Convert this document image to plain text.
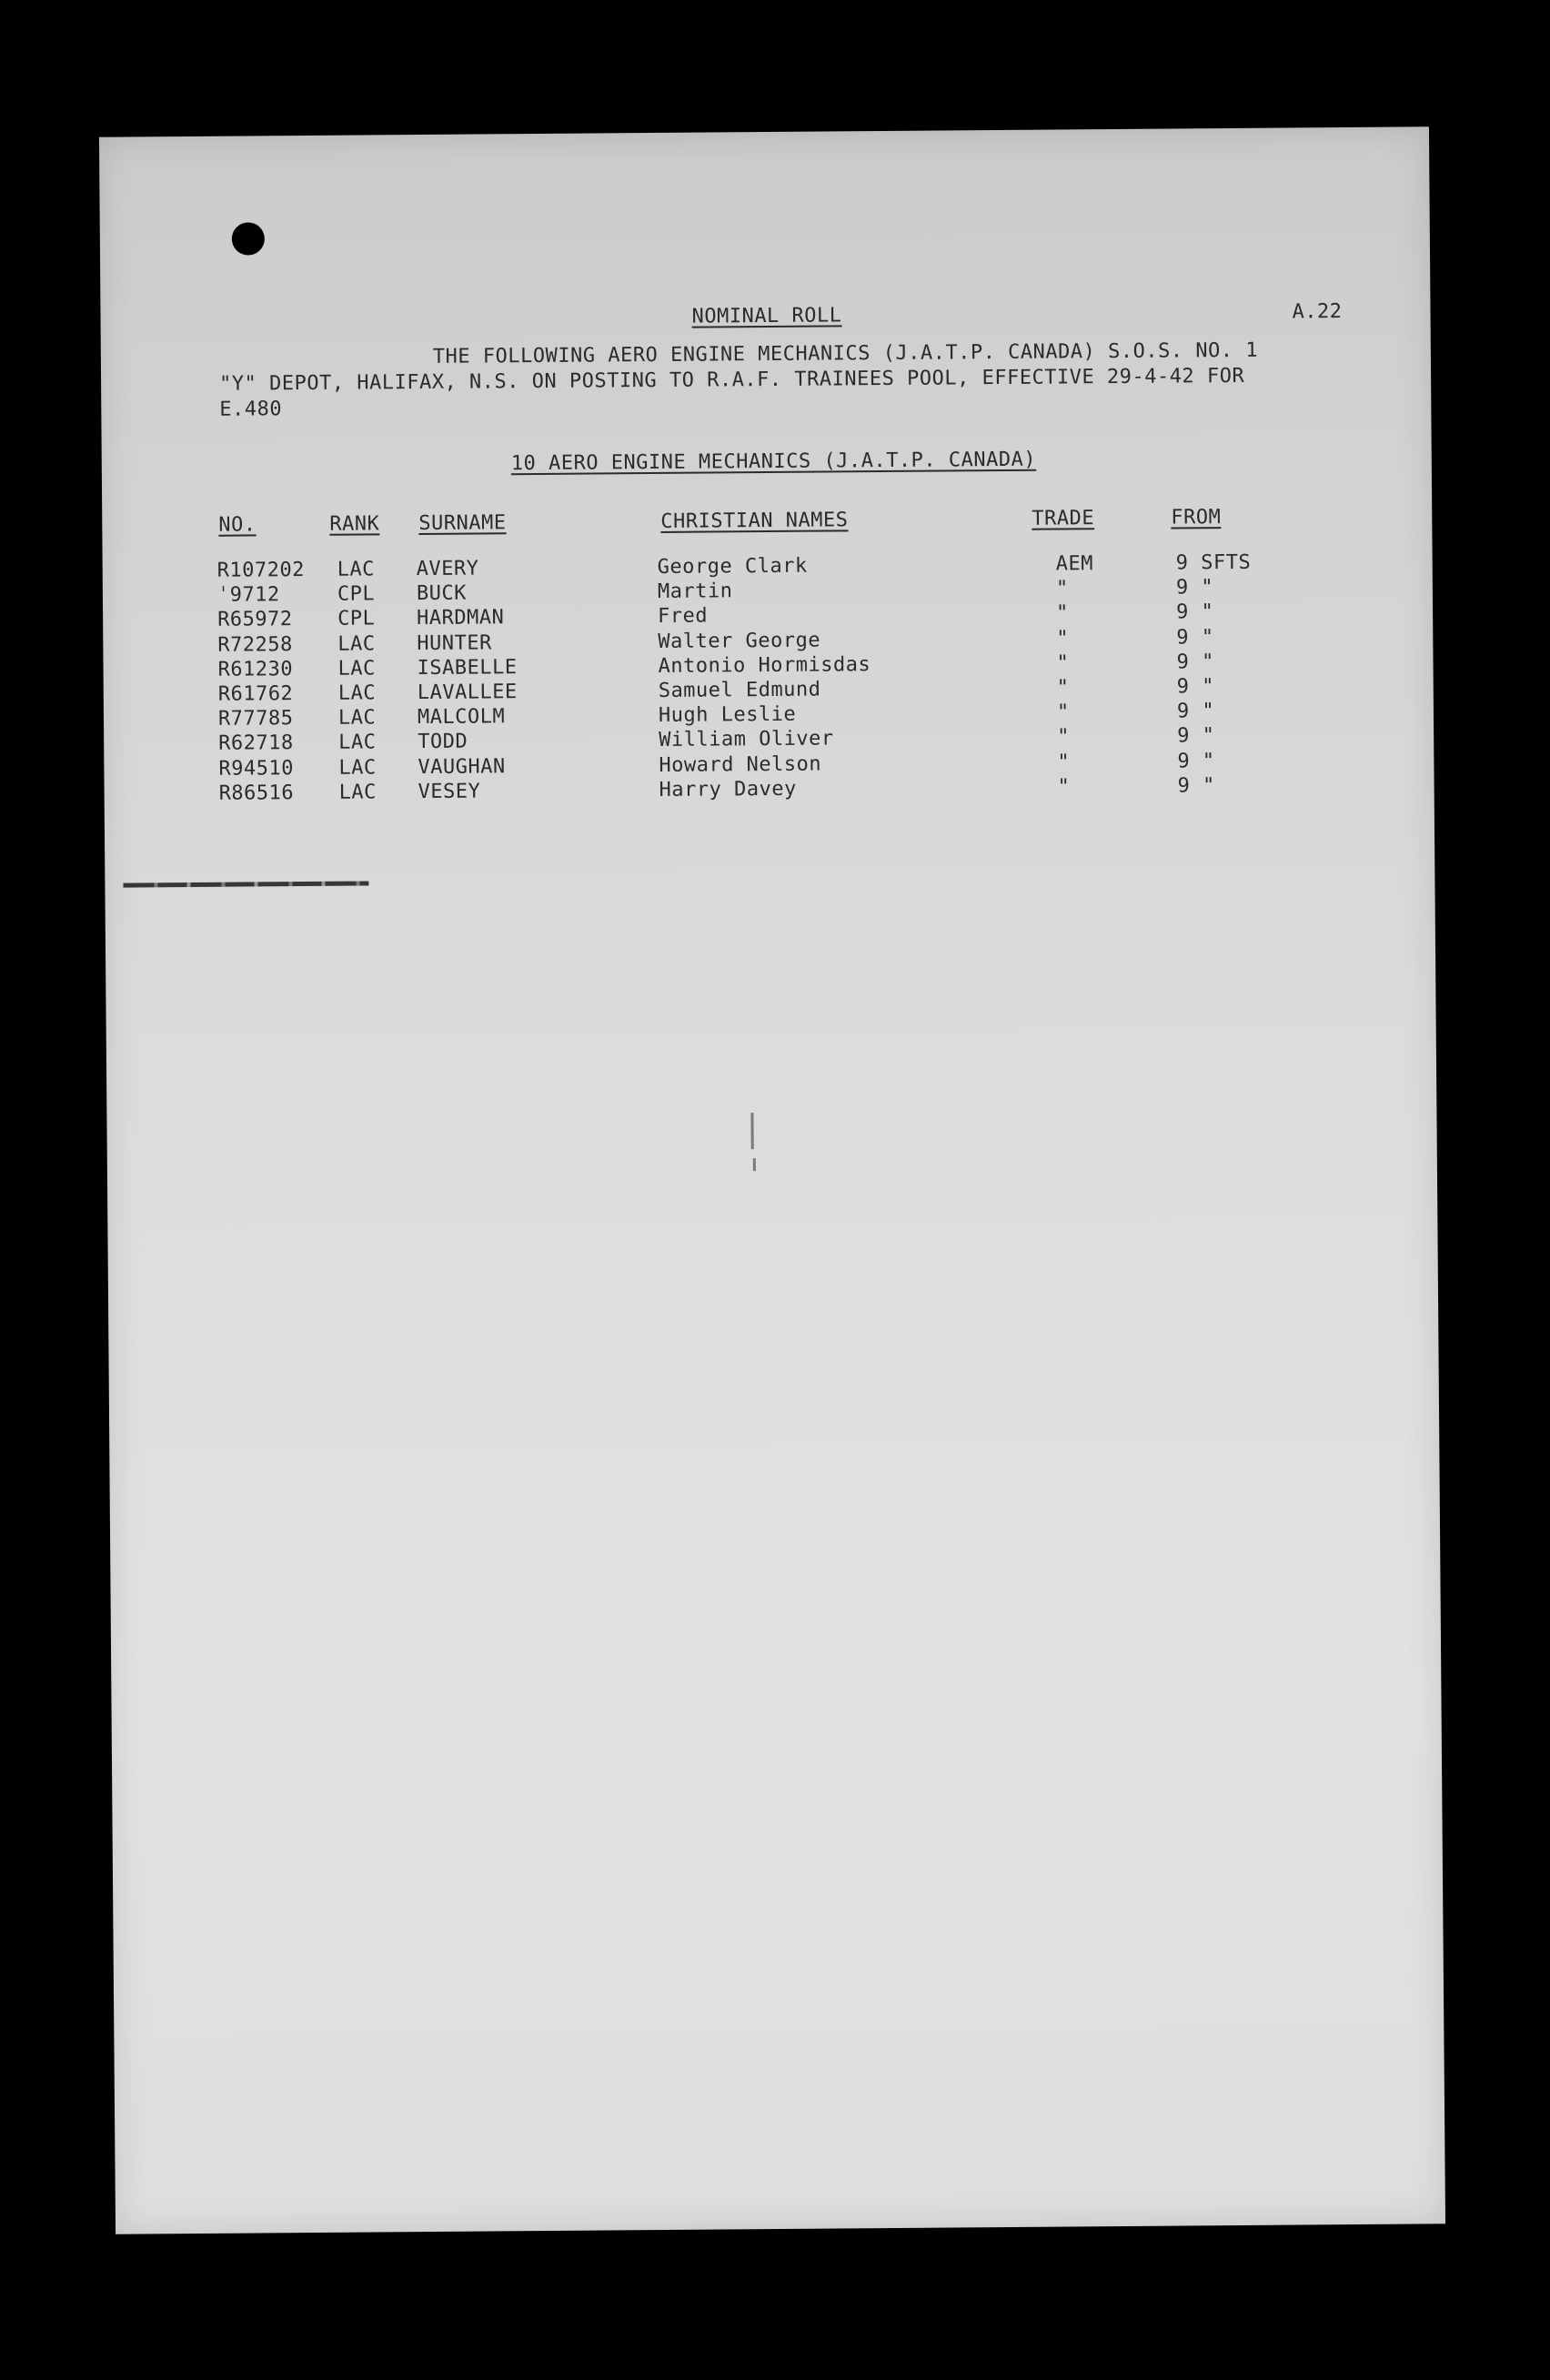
NOMINAL ROLL	A.22
THE FOLLOWING AERO ENGINE MECHANICS (J.A.T.P. CANADA) S.O.S. NO. 1
"Y" DEPOT, HALIFAX, N.S. ON POSTING TO R.A.F. TRAINEES POOL, EFFECTIVE 29-4-42 FOR
E.480
10 AERO ENGINE MECHANICS (J.A.T.P. CANADA)
NO.	RANK SURNAME	CHRISTIAN NAMES	TRADE	FROM
R107202 LAC AVERY	George Clark	AEM	9 SFTS
ˈ9712	CPL BUCK	Martin	"	9 "
R65972 CPL HARDMAN	Fred	"	9 "
R72258 LAC HUNTER	Walter George	"	9 "
R61230 LAC ISABELLE	Antonio Hormisdas	"	9 "
R61762 LAC LAVALLEE	Samuel Edmund	"	9 "
R77785 LAC MALCOLM	Hugh Leslie	"	9 "
R62718 LAC TODD	William Oliver	"	9 "
R94510 LAC VAUGHAN	Howard Nelson	"	9 "
R86516 LAC VESEY	Harry Davey	"	9 "
